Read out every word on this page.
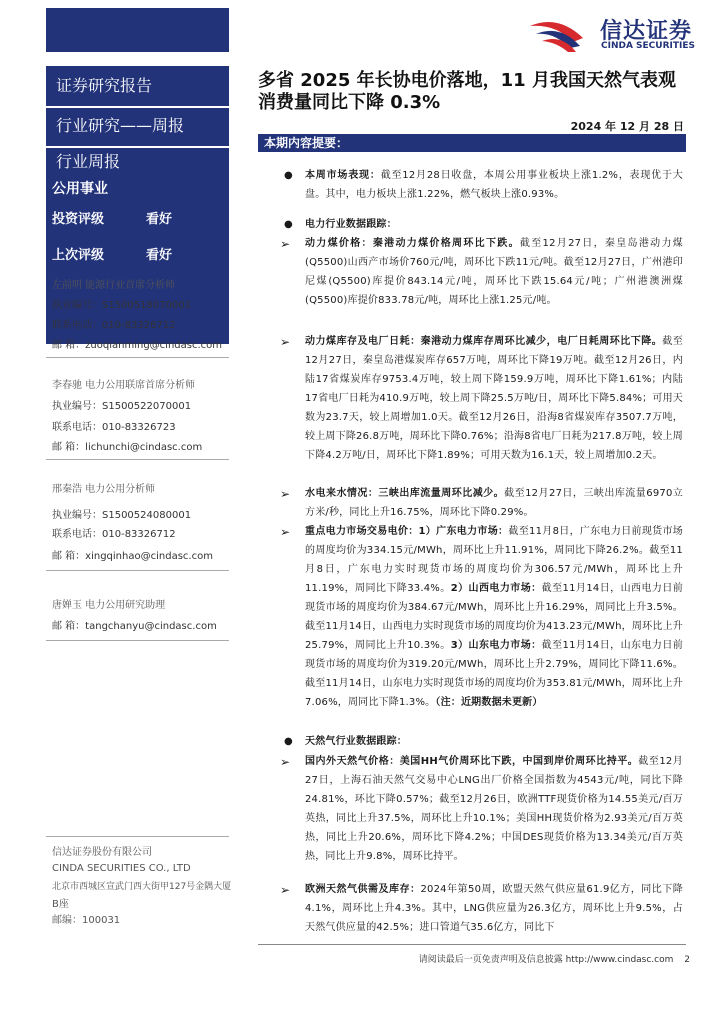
信达证券
CINDA SECURITIES
证券研究报告
行业研究——周报
行业周报
公用事业
投资评级	看好
上次评级	看好
左前明 能源行业首席分析师
执业编号：S1500518070001
联系电话：010-83326712
邮 箱：zuoqianming@cindasc.com
李春驰 电力公用联席首席分析师
执业编号：S1500522070001
联系电话：010-83326723
邮 箱：lichunchi@cindasc.com
邢秦浩 电力公用分析师
执业编号：S1500524080001
联系电话：010-83326712
邮 箱：xingqinhao@cindasc.com
唐婵玉 电力公用研究助理
邮 箱：tangchanyu@cindasc.com
信达证券股份有限公司
CINDA SECURITIES CO., LTD
北京市西城区宣武门西大街甲127号金隅大厦
B座
邮编：100031
多省 2025 年长协电价落地，11 月我国天然气表观
消费量同比下降 0.3%
2024 年 12 月 28 日
本期内容提要：
● 本周市场表现：截至12月28日收盘，本周公用事业板块上涨1.2%，表现优于大盘。其中，电力板块上涨1.22%，燃气板块上涨0.93%。
● 电力行业数据跟踪：
➢ 动力煤价格：秦港动力煤价格周环比下跌。截至12月27日，秦皇岛港动力煤(Q5500)山西产市场价760元/吨，周环比下跌11元/吨。截至12月27日，广州港印尼煤(Q5500)库提价843.14元/吨，周环比下跌15.64元/吨；广州港澳洲煤(Q5500)库提价833.78元/吨，周环比上涨1.25元/吨。
➢ 动力煤库存及电厂日耗：秦港动力煤库存周环比减少，电厂日耗周环比下降。截至12月27日，秦皇岛港煤炭库存657万吨，周环比下降19万吨。截至12月26日，内陆17省煤炭库存9753.4万吨，较上周下降159.9万吨，周环比下降1.61%；内陆17省电厂日耗为410.9万吨，较上周下降25.5万吨/日，周环比下降5.84%；可用天数为23.7天，较上周增加1.0天。截至12月26日，沿海8省煤炭库存3507.7万吨，较上周下降26.8万吨，周环比下降0.76%；沿海8省电厂日耗为217.8万吨，较上周下降4.2万吨/日，周环比下降1.89%；可用天数为16.1天，较上周增加0.2天。
➢ 水电来水情况：三峡出库流量周环比减少。截至12月27日，三峡出库流量6970立方米/秒，同比上升16.75%，周环比下降0.29%。
➢ 重点电力市场交易电价：1）广东电力市场：截至11月8日，广东电力日前现货市场的周度均价为334.15元/MWh，周环比上升11.91%，周同比下降26.2%。截至11月8日，广东电力实时现货市场的周度均价为306.57元/MWh，周环比上升11.19%，周同比下降33.4%。2）山西电力市场：截至11月14日，山西电力日前现货市场的周度均价为384.67元/MWh，周环比上升16.29%，周同比上升3.5%。截至11月14日，山西电力实时现货市场的周度均价为413.23元/MWh，周环比上升25.79%，周同比上升10.3%。3）山东电力市场：截至11月14日，山东电力日前现货市场的周度均价为319.20元/MWh，周环比上升2.79%，周同比下降11.6%。截至11月14日，山东电力实时现货市场的周度均价为353.81元/MWh，周环比上升7.06%，周同比下降1.3%。（注：近期数据未更新）
● 天然气行业数据跟踪：
➢ 国内外天然气价格：美国HH气价周环比下跌，中国到岸价周环比持平。截至12月27日，上海石油天然气交易中心LNG出厂价格全国指数为4543元/吨，同比下降24.81%，环比下降0.57%；截至12月26日，欧洲TTF现货价格为14.55美元/百万英热，同比上升37.5%，周环比上升10.1%；美国HH现货价格为2.93美元/百万英热，同比上升20.6%，周环比下降4.2%；中国DES现货价格为13.34美元/百万英热，同比上升9.8%，周环比持平。
➢ 欧洲天然气供需及库存：2024年第50周，欧盟天然气供应量61.9亿方，同比下降4.1%，周环比上升4.3%。其中，LNG供应量为26.3亿方，周环比上升9.5%，占天然气供应量的42.5%；进口管道气35.6亿方，同比下
请阅读最后一页免责声明及信息披露 http://www.cindasc.com 2
